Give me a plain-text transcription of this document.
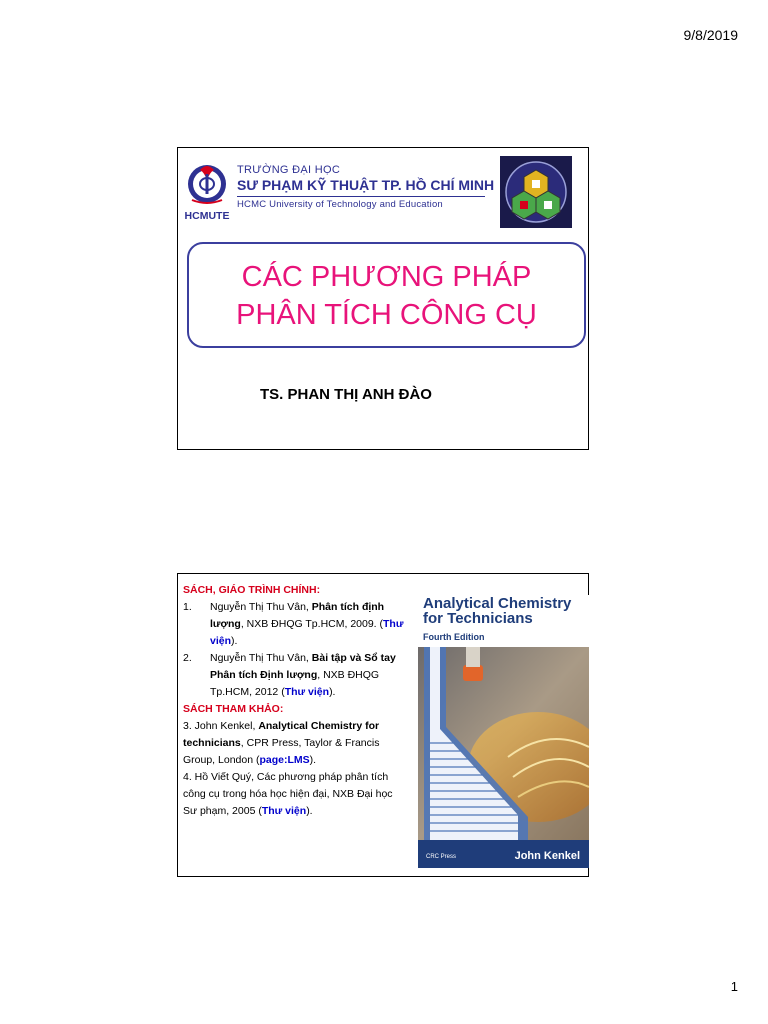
9/8/2019
HCMUTE
TRƯỜNG ĐẠI HỌC
SƯ PHẠM KỸ THUẬT TP. HỒ CHÍ MINH
HCMC University of Technology and Education
CÁC PHƯƠNG PHÁP
PHÂN TÍCH CÔNG CỤ
TS. PHAN THỊ ANH ĐÀO
SÁCH, GIÁO TRÌNH CHÍNH:
1. Nguyễn Thị Thu Vân, Phân tích định lượng, NXB ĐHQG Tp.HCM, 2009. (Thư viện).
2. Nguyễn Thị Thu Vân, Bài tập và Sổ tay Phân tích Định lượng, NXB ĐHQG Tp.HCM, 2012 (Thư viện).
SÁCH THAM KHẢO:
3. John Kenkel, Analytical Chemistry for technicians, CPR Press, Taylor & Francis Group, London (page:LMS).
4. Hồ Viết Quý, Các phương pháp phân tích công cụ trong hóa học hiện đại, NXB Đại học Sư phạm, 2005 (Thư viện).
Analytical Chemistry
for Technicians
Fourth Edition
CRC Press	John Kenkel
1
